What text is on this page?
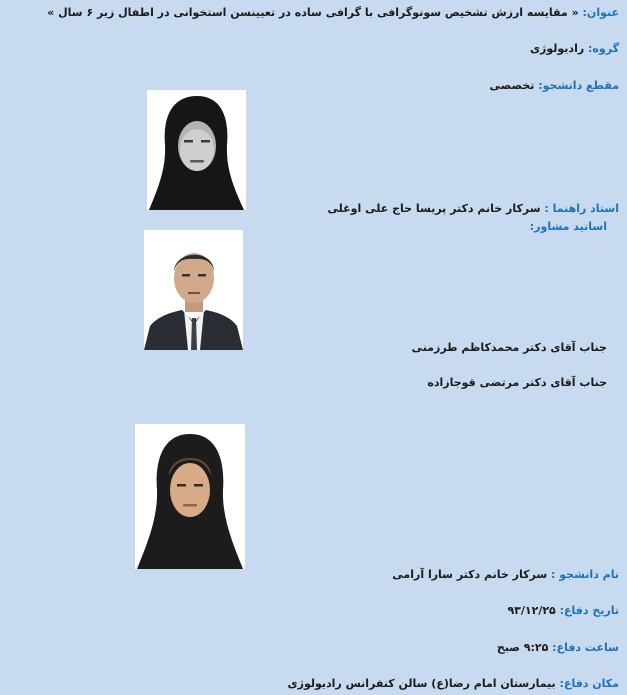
عنوان: « مقایسه ارزش تشخیص سونوگرافی با گرافی ساده در تعیینسن استخوانی در اطفال زیر ۶ سال »
گروه: رادیولوژی
مقطع دانشجو: تخصصی
استاد راهنما : سرکار خانم دکتر پریسا حاج علی اوغلی
اساتید مشاور:
جناب آقای دکتر محمدکاظم طرزمنی
جناب آقای دکتر مرتضی قوجازاده
نام دانشجو : سرکار خانم دکتر سارا آرامی
تاریخ دفاع: ۹۳/۱۲/۲۵
ساعت دفاع: ۹:۲۵ صبح
مکان دفاع: بیمارستان امام رضا(ع) سالن کنفرانس رادیولوژی
